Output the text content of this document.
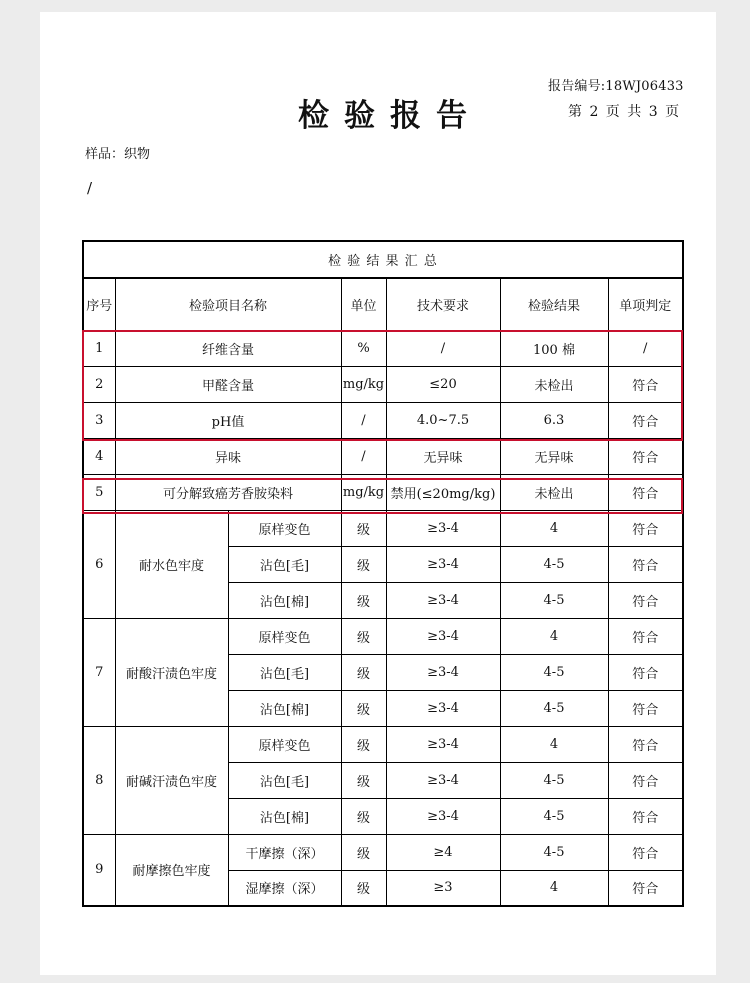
报告编号:18WJ06433
检验报告	第 2 页 共 3 页
样品：织物
/
检 验 结 果 汇 总						
序号	检验项目名称		单位	技术要求	检验结果	单项判定
1	纤维含量		%	/	100 棉	/
2	甲醛含量		mg/kg	≤20	未检出	符合
3	pH值		/	4.0~7.5	6.3	符合
4	异味		/	无异味	无异味	符合
5	可分解致癌芳香胺染料		mg/kg	禁用(≤20mg/kg)	未检出	符合
6	耐水色牢度	原样变色	级	≥3-4	4	符合
		沾色[毛]	级	≥3-4	4-5	符合
		沾色[棉]	级	≥3-4	4-5	符合
7	耐酸汗渍色牢度	原样变色	级	≥3-4	4	符合
		沾色[毛]	级	≥3-4	4-5	符合
		沾色[棉]	级	≥3-4	4-5	符合
8	耐碱汗渍色牢度	原样变色	级	≥3-4	4	符合
		沾色[毛]	级	≥3-4	4-5	符合
		沾色[棉]	级	≥3-4	4-5	符合
9	耐摩擦色牢度	干摩擦（深）	级	≥4	4-5	符合
		湿摩擦（深）	级	≥3	4	符合
